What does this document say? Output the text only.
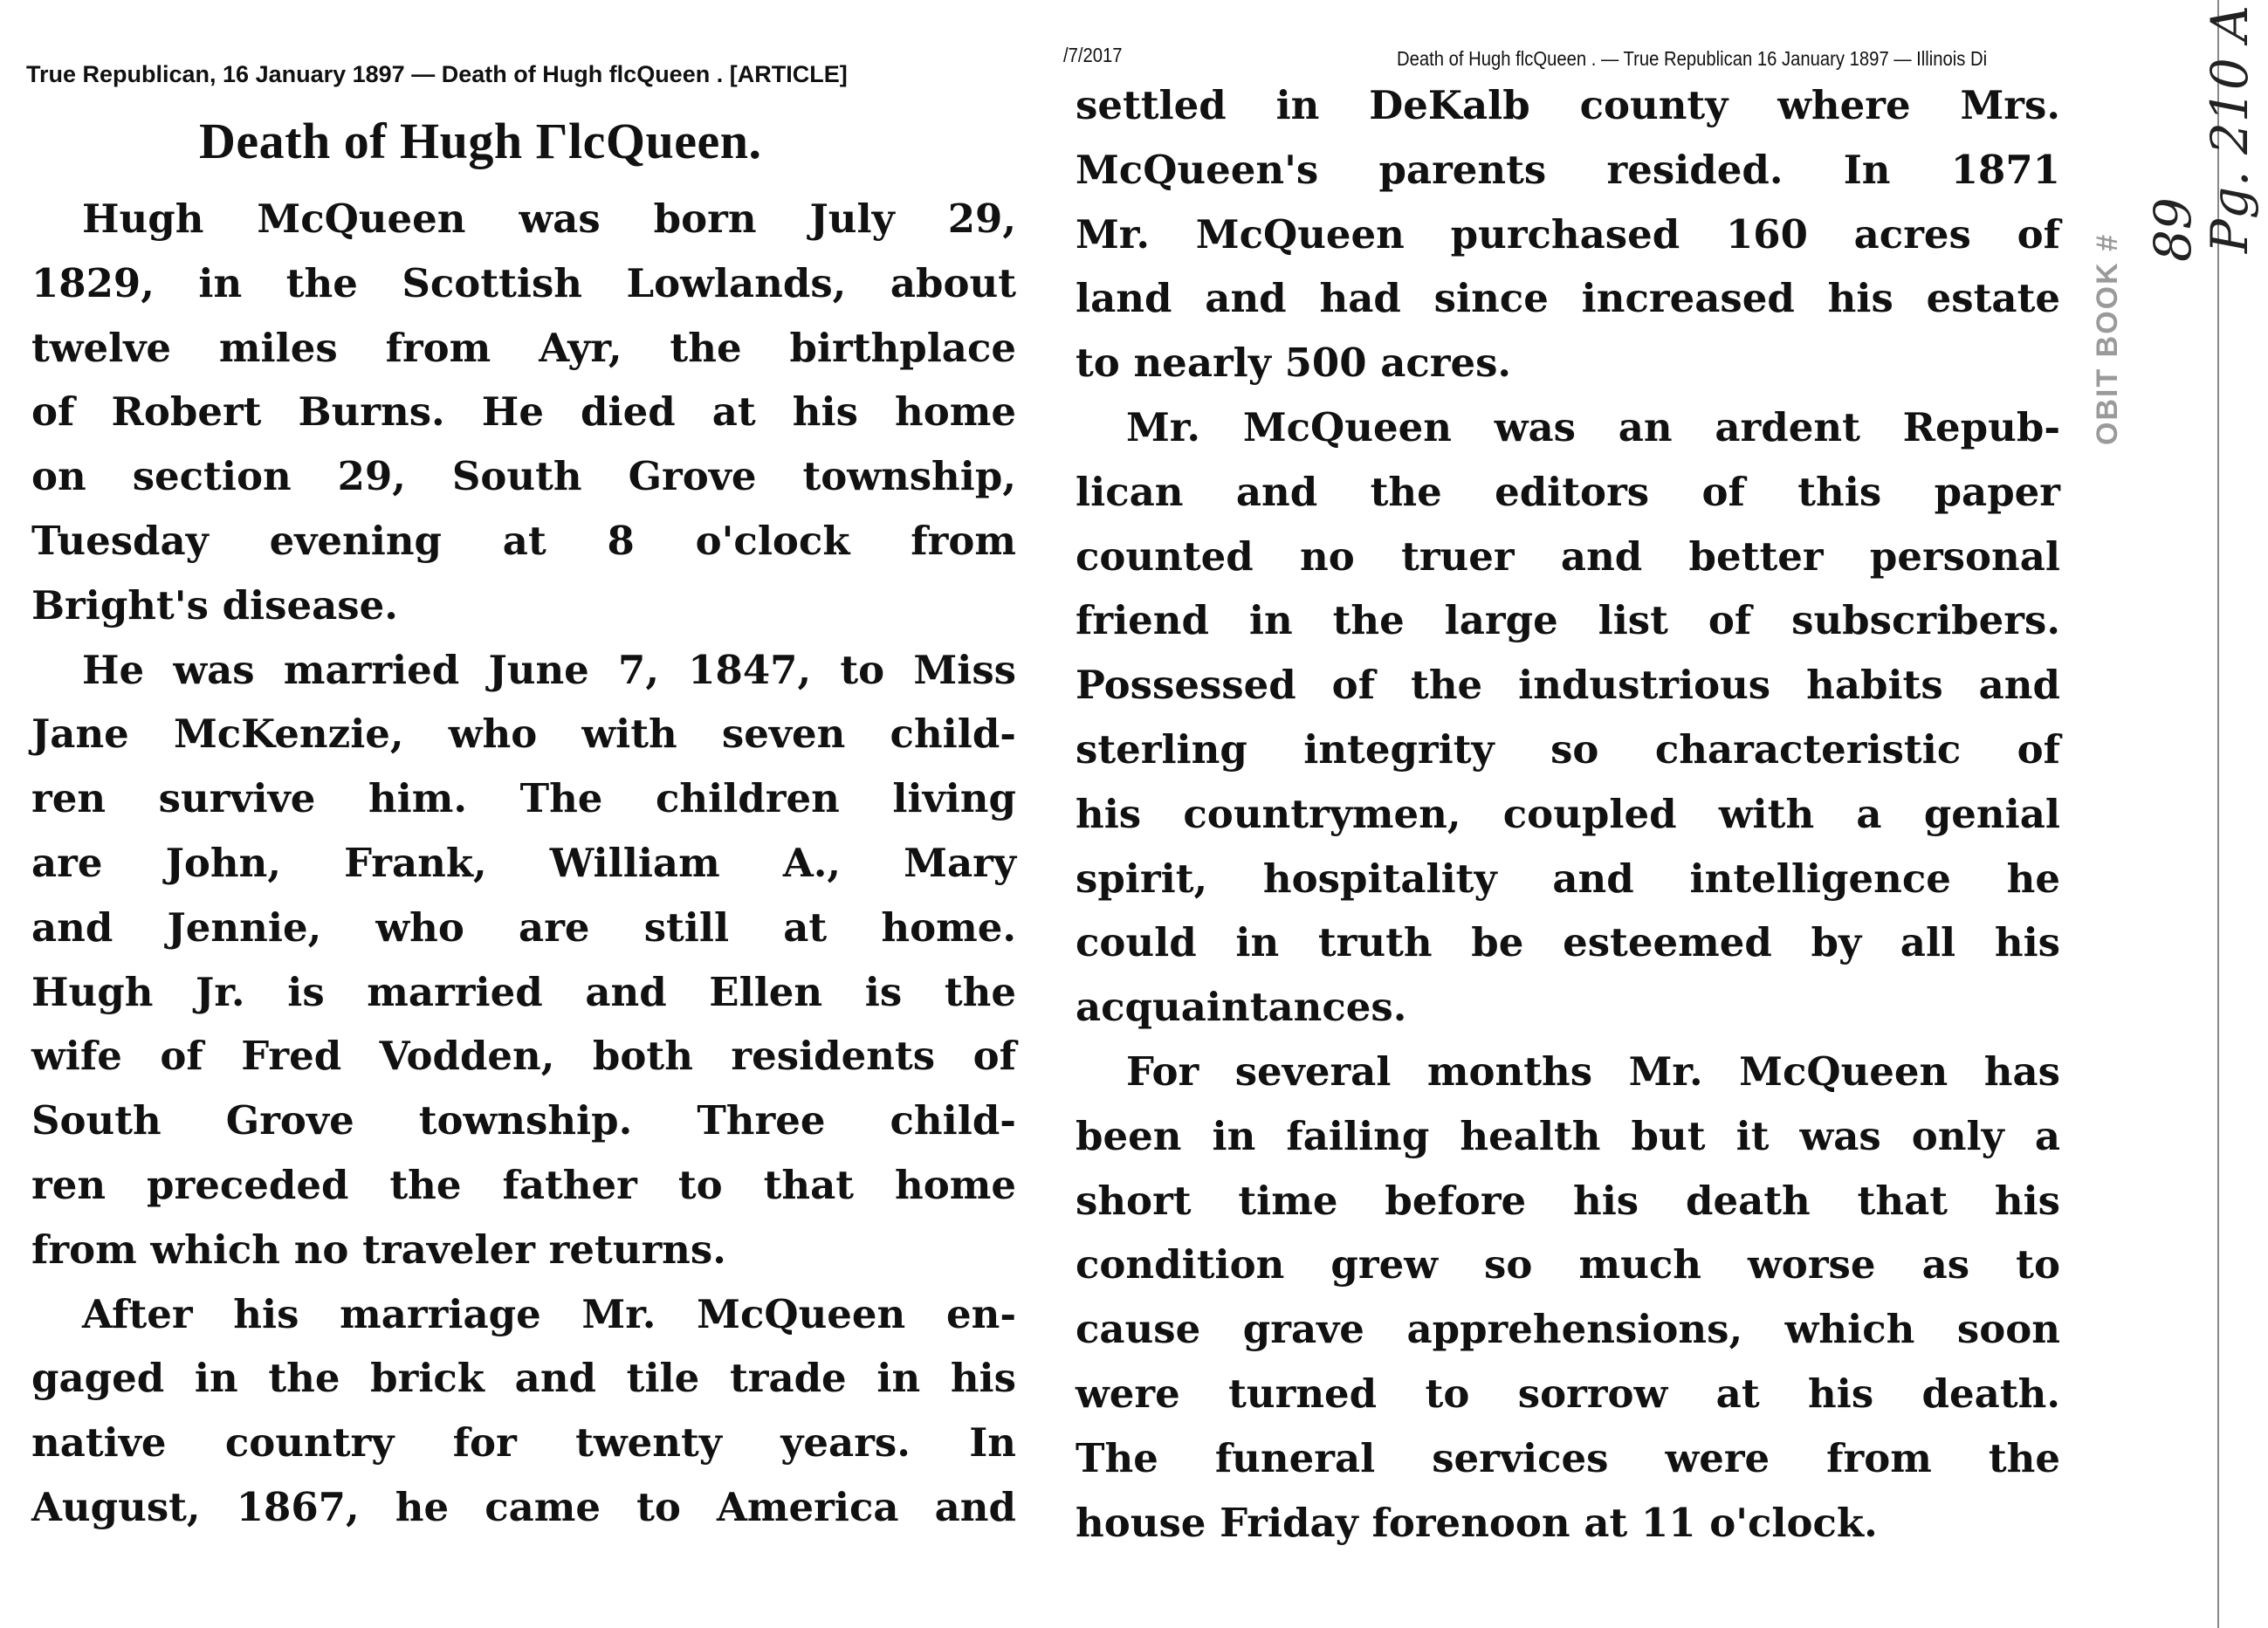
True Republican, 16 January 1897 — Death of Hugh flcQueen . [ARTICLE]
/7/2017	Death of Hugh flcQueen . — True Republican 16 January 1897 — Illinois Di
Death of Hugh ГlcQueen.
Hugh McQueen was born July 29,
1829, in the Scottish Lowlands, about
twelve miles from Ayr, the birthplace
of Robert Burns. He died at his home
on section 29, South Grove township,
Tuesday evening at 8 o'clock from
Bright's disease.
He was married June 7, 1847, to Miss
Jane McKenzie, who with seven child-
ren survive him. The children living
are John, Frank, William A., Mary
and Jennie, who are still at home.
Hugh Jr. is married and Ellen is the
wife of Fred Vodden, both residents of
South Grove township. Three child-
ren preceded the father to that home
from which no traveler returns.
After his marriage Mr. McQueen en-
gaged in the brick and tile trade in his
native country for twenty years. In
August, 1867, he came to America and
settled in DeKalb county where Mrs.
McQueen's parents resided. In 1871
Mr. McQueen purchased 160 acres of
land and had since increased his estate
to nearly 500 acres.
Mr. McQueen was an ardent Repub-
lican and the editors of this paper
counted no truer and better personal
friend in the large list of subscribers.
Possessed of the industrious habits and
sterling integrity so characteristic of
his countrymen, coupled with a genial
spirit, hospitality and intelligence he
could in truth be esteemed by all his
acquaintances.
For several months Mr. McQueen has
been in failing health but it was only a
short time before his death that his
condition grew so much worse as to
cause grave apprehensions, which soon
were turned to sorrow at his death.
The funeral services were from the
house Friday forenoon at 11 o'clock.
OBIT BOOK #
89
Pg. 210 A
